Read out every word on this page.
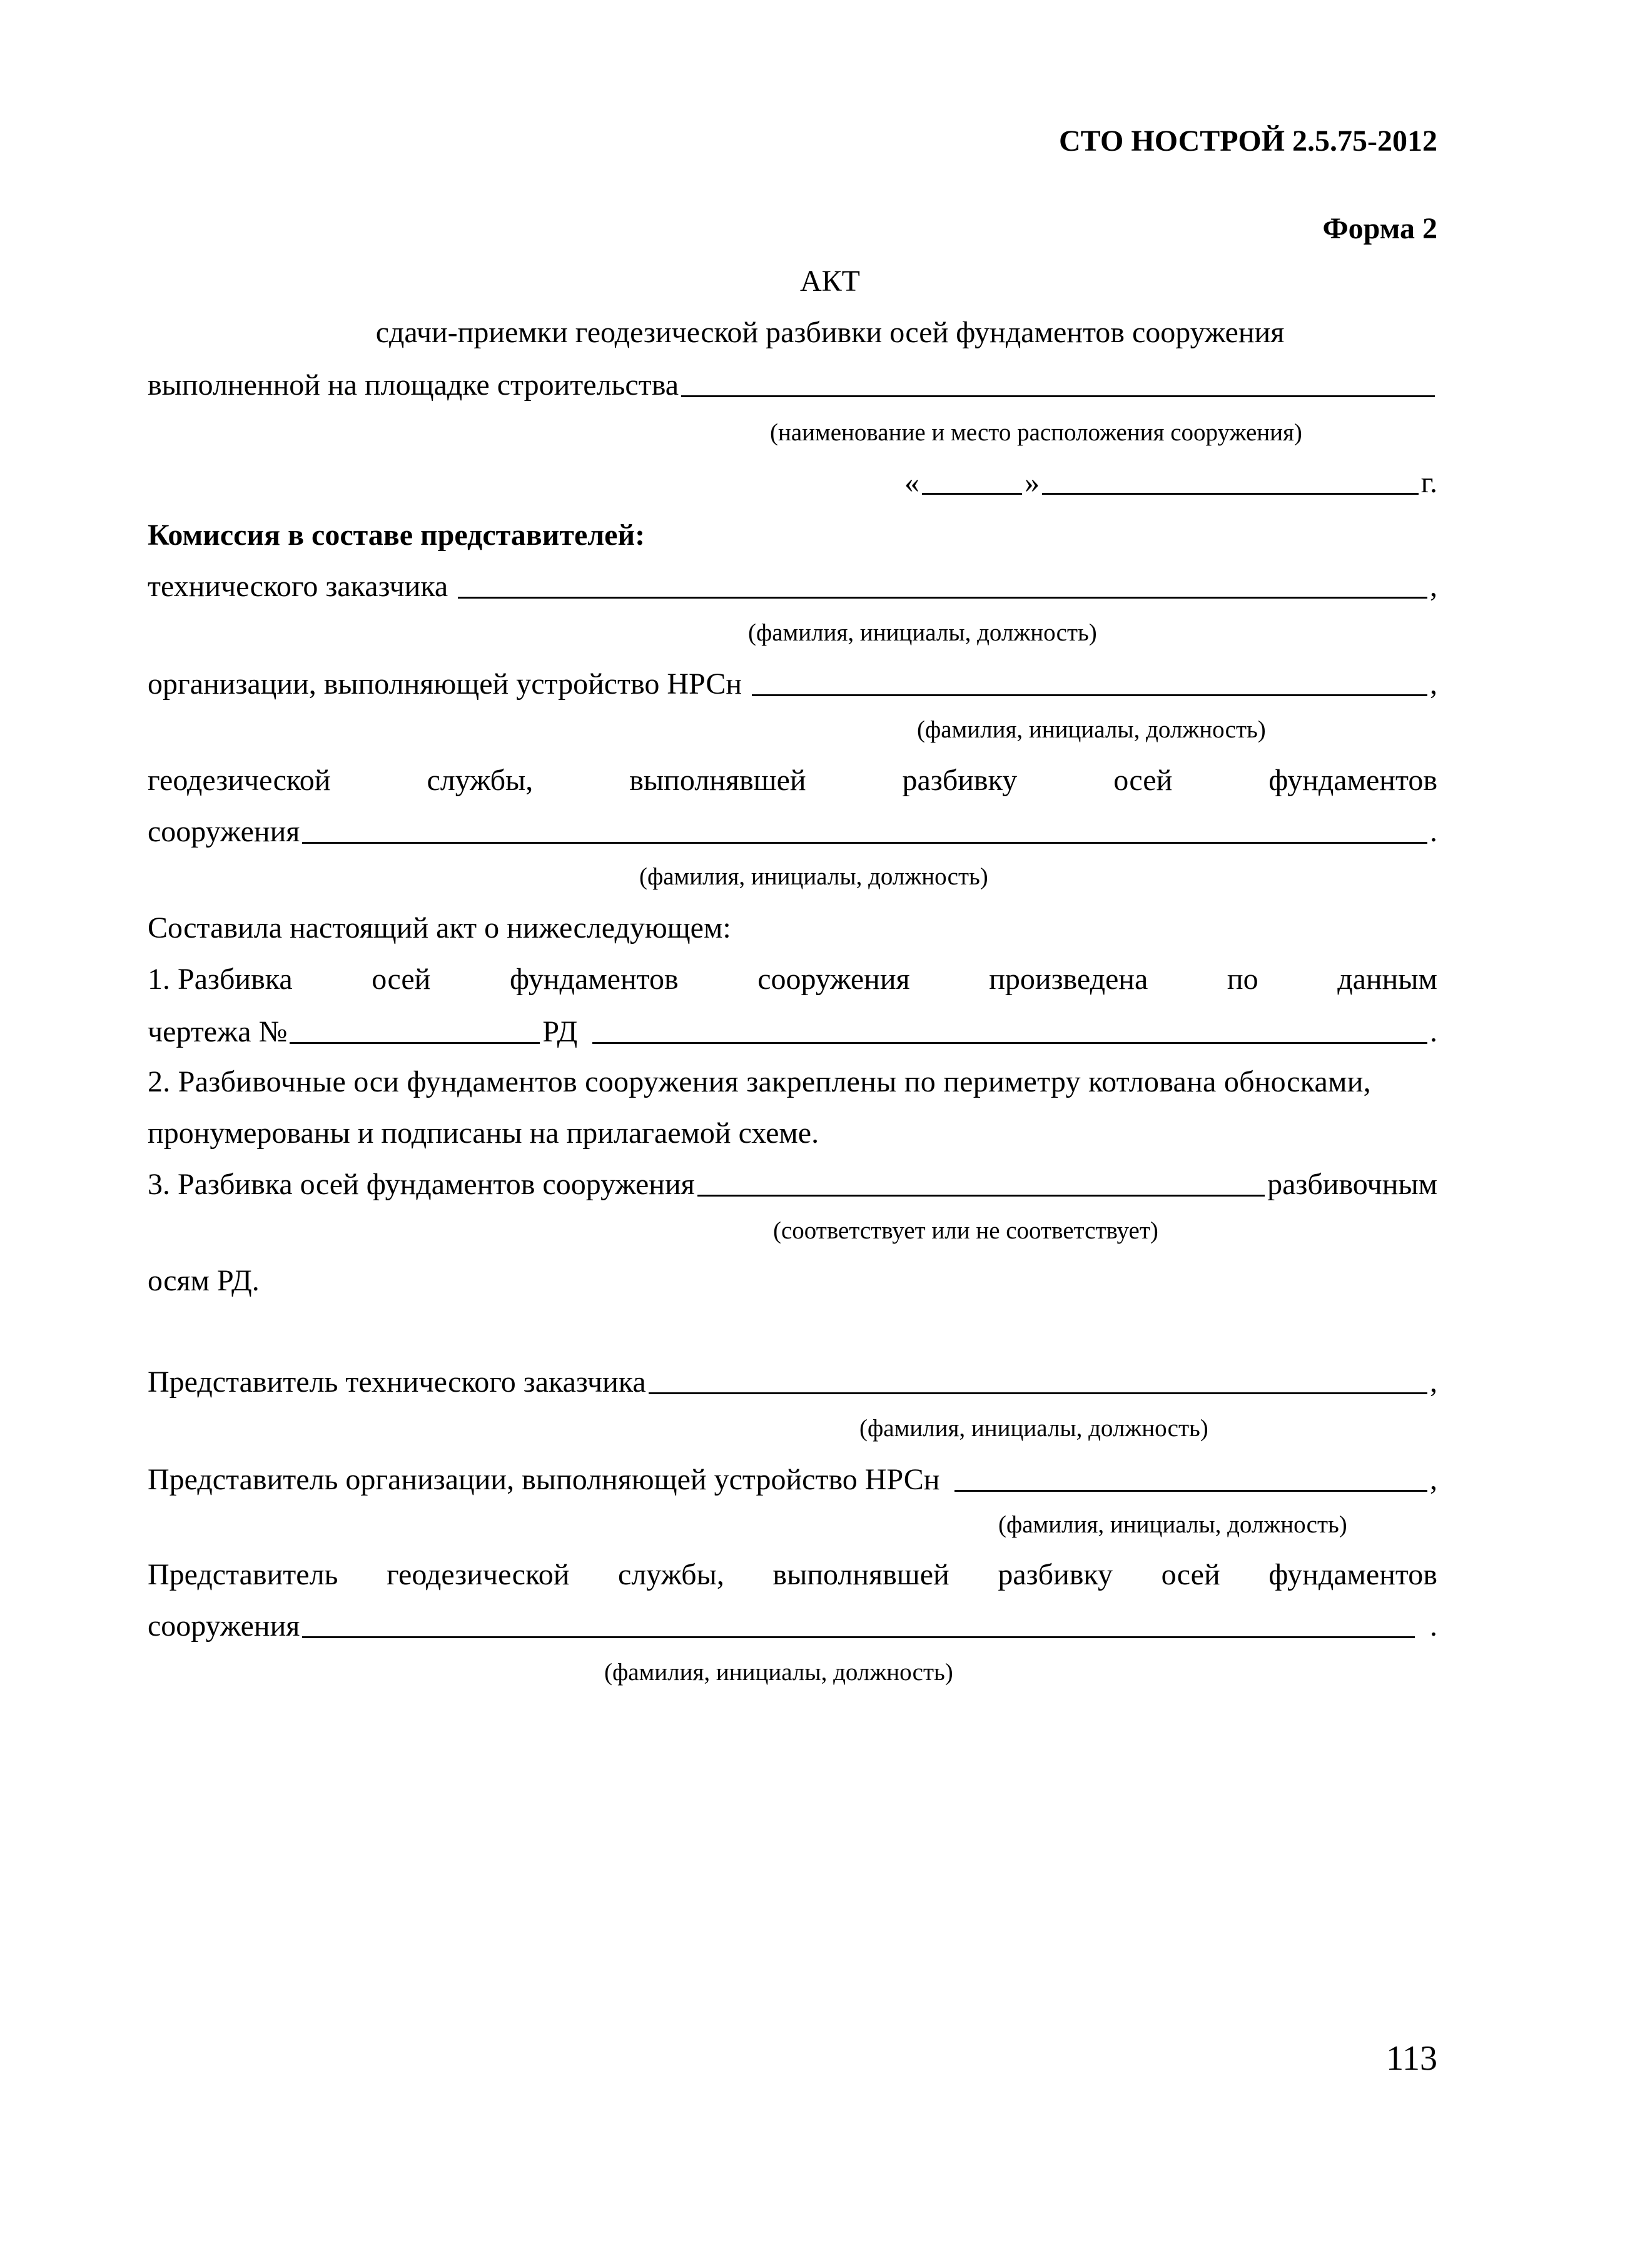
СТО НОСТРОЙ 2.5.75-2012
Форма 2
АКТ
сдачи-приемки геодезической разбивки осей фундаментов сооружения
выполненной на площадке строительства
(наименование и место расположения сооружения)
«	»	г.
Комиссия в составе представителей:
технического заказчика	,
(фамилия, инициалы, должность)
организации, выполняющей устройство НРСн	,
(фамилия, инициалы, должность)
геодезической	службы,	выполнявшей	разбивку	осей	фундаментов
сооружения	.
(фамилия, инициалы, должность)
Составила настоящий акт о нижеследующем:
1. Разбивка	осей	фундаментов	сооружения	произведена	по	данным
чертежа №	РД	.
2. Разбивочные оси фундаментов сооружения закреплены по периметру котлована обносками,
пронумерованы и подписаны на прилагаемой схеме.
3. Разбивка осей фундаментов сооружения	разбивочным
(соответствует или не соответствует)
осям РД.
Представитель технического заказчика	,
(фамилия, инициалы, должность)
Представитель организации, выполняющей устройство НРСн	,
(фамилия, инициалы, должность)
Представитель геодезической службы, выполнявшей разбивку осей фундаментов
сооружения	.
(фамилия, инициалы, должность)
113
